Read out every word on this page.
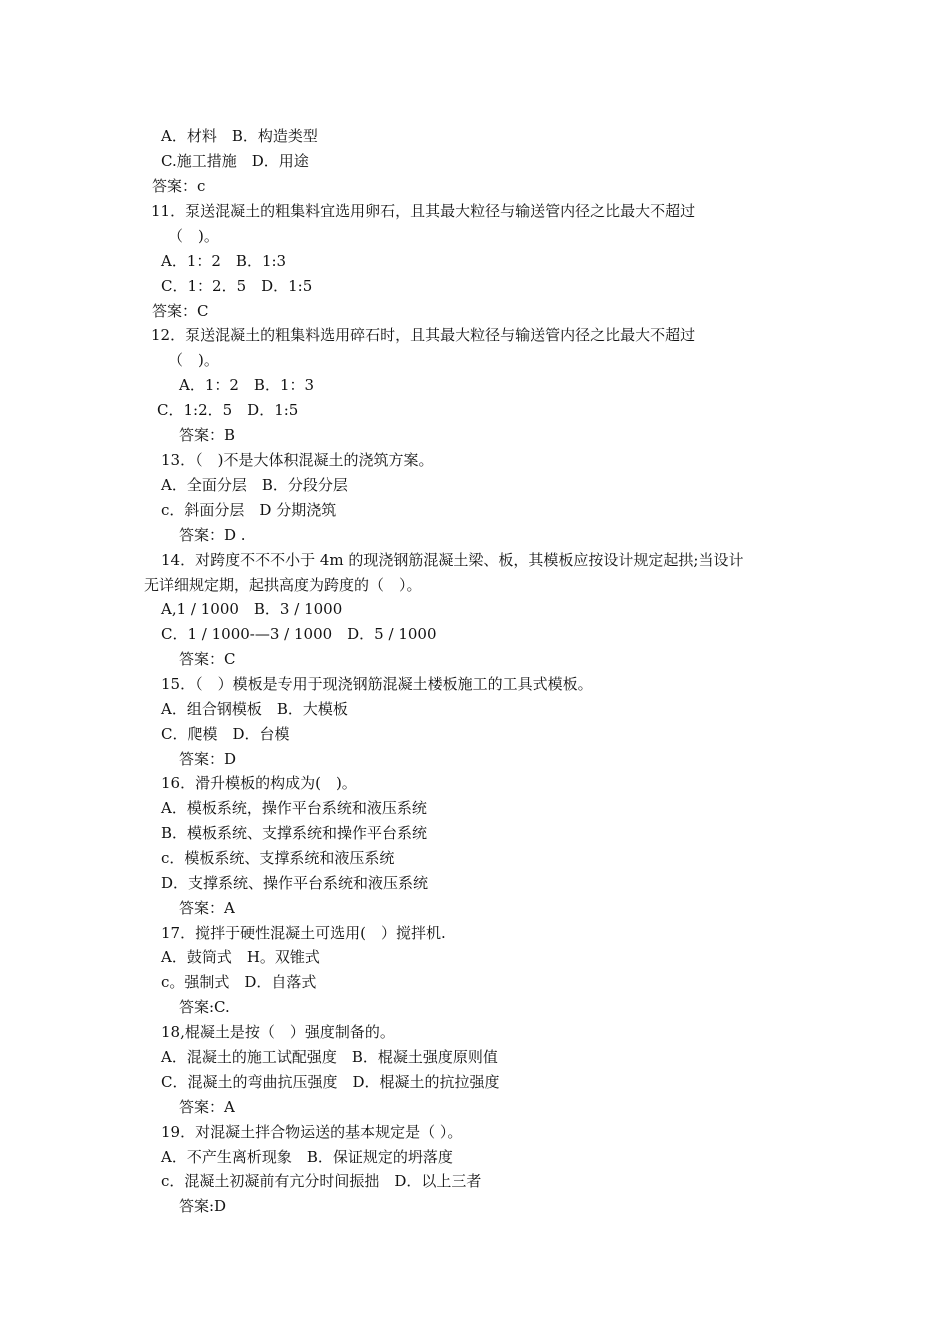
A．材料　B．构造类型
C.施工措施　D．用途
答案：c
11．泵送混凝土的粗集料宜选用卵石，且其最大粒径与输送管内径之比最大不超过
（　)。
A．1：2　B．1:3
C．1：2．5　D．1:5
答案：C
12．泵送混凝土的粗集料选用碎石时，且其最大粒径与输送管内径之比最大不超过
（　)。
A．1：2　B．1：3
C．1:2．5　D．1:5
答案：B
13．（　)不是大体积混凝土的浇筑方案。
A．全面分层　B．分段分层
c．斜面分层　D 分期浇筑
答案：D .
14．对跨度不不不小于 4m 的现浇钢筋混凝土梁、板，其模板应按设计规定起拱;当设计
无详细规定期，起拱高度为跨度的（　）。
A,1 / 1000　B．3 / 1000
C．1 / 1000-—3 / 1000　D．5 / 1000
答案：C
15．（　）模板是专用于现浇钢筋混凝土楼板施工的工具式模板。
A．组合钢模板　B．大模板
C．爬模　D．台模
答案：D
16．滑升模板的构成为(　)。
A．模板系统，操作平台系统和液压系统
B．模板系统、支撑系统和操作平台系统
c．模板系统、支撑系统和液压系统
D．支撑系统、操作平台系统和液压系统
答案：A
17．搅拌于硬性混凝土可选用(　）搅拌机.
A．鼓筒式　H。双锥式
c。强制式　D．自落式
答案:C.
18,棍凝土是按（　）强度制备的。
A．混凝土的施工试配强度　B．棍凝土强度原则值
C．混凝土的弯曲抗压强度　D．棍凝土的抗拉强度
答案：A
19．对混凝土拌合物运送的基本规定是（ ）。
A．不产生离析现象　B．保证规定的坍落度
c．混凝土初凝前有亢分时间振拙　D．以上三者
答案:D
